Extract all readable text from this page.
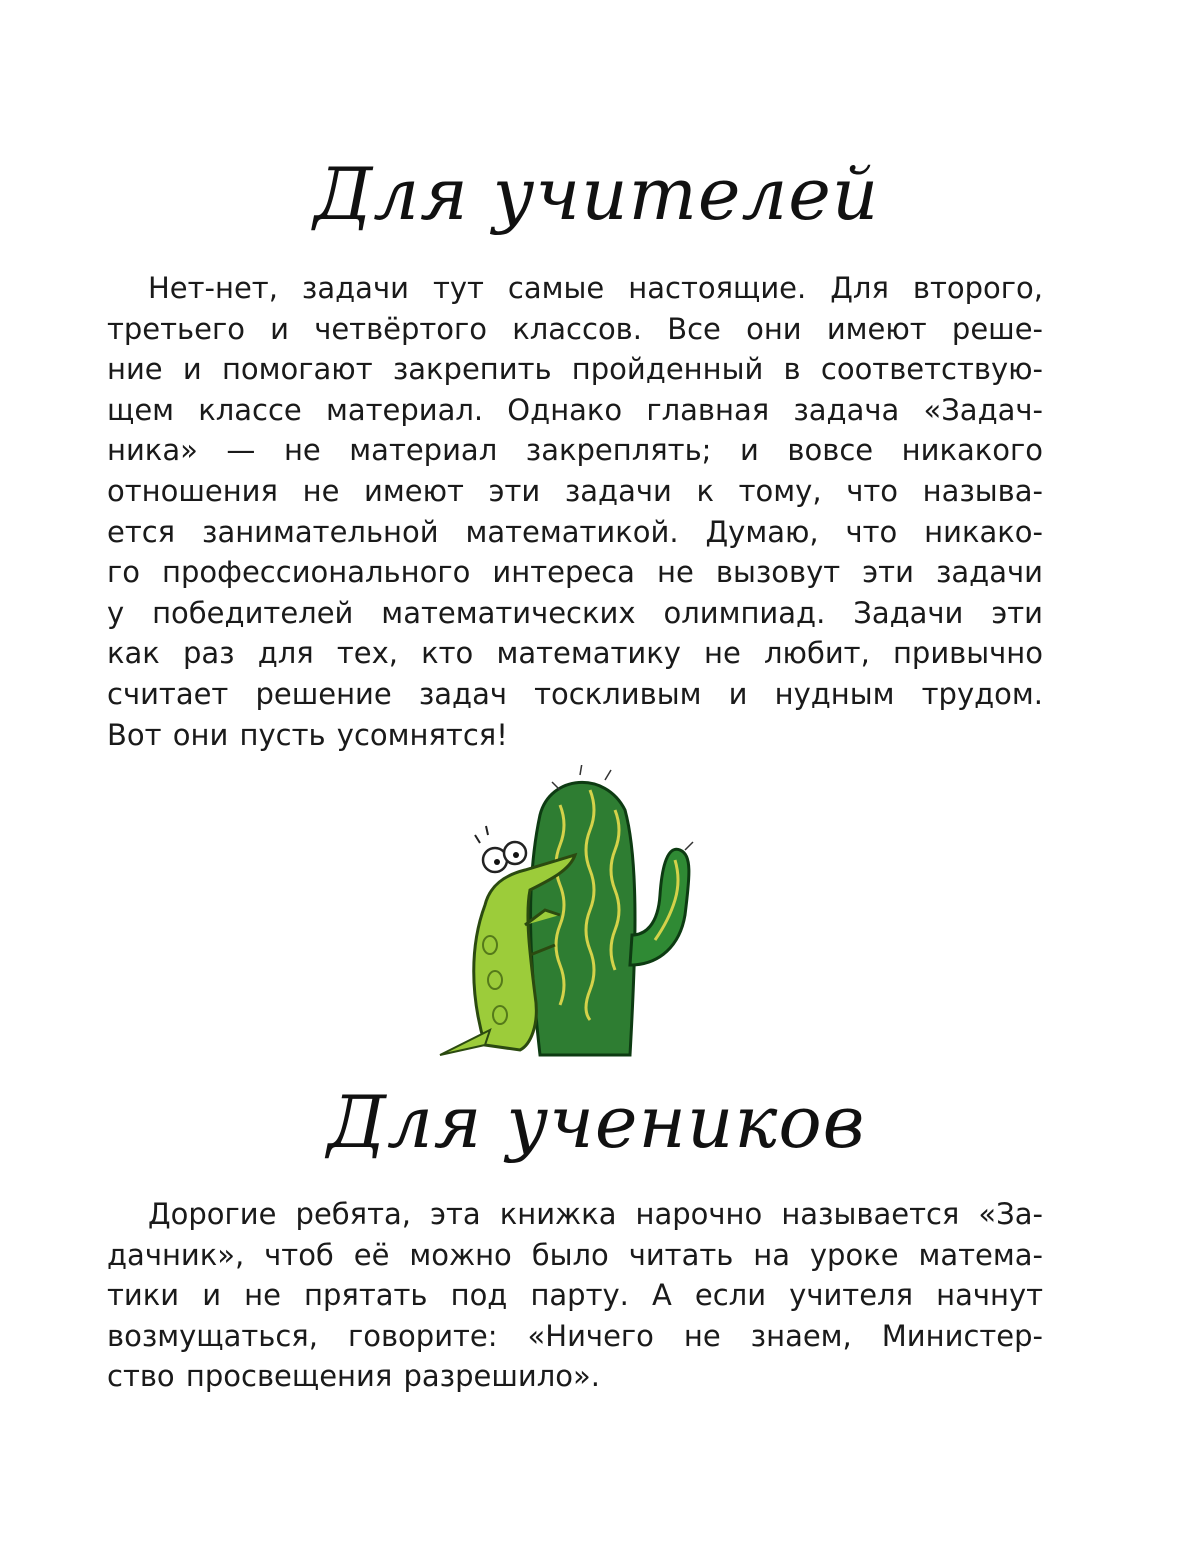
Для учителей
Нет-нет, задачи тут самые настоящие. Для второго,
третьего и четвёртого классов. Все они имеют реше-
ние и помогают закрепить пройденный в соответствую-
щем классе материал. Однако главная задача «Задач-
ника» — не материал закреплять; и вовсе никакого
отношения не имеют эти задачи к тому, что называ-
ется занимательной математикой. Думаю, что никако-
го профессионального интереса не вызовут эти задачи
у победителей математических олимпиад. Задачи эти
как раз для тех, кто математику не любит, привычно
считает решение задач тоскливым и нудным трудом.
Вот они пусть усомнятся!
Для учеников
Дорогие ребята, эта книжка нарочно называется «За-
дачник», чтоб её можно было читать на уроке матема-
тики и не прятать под парту. А если учителя начнут
возмущаться, говорите: «Ничего не знаем, Министер-
ство просвещения разрешило».
